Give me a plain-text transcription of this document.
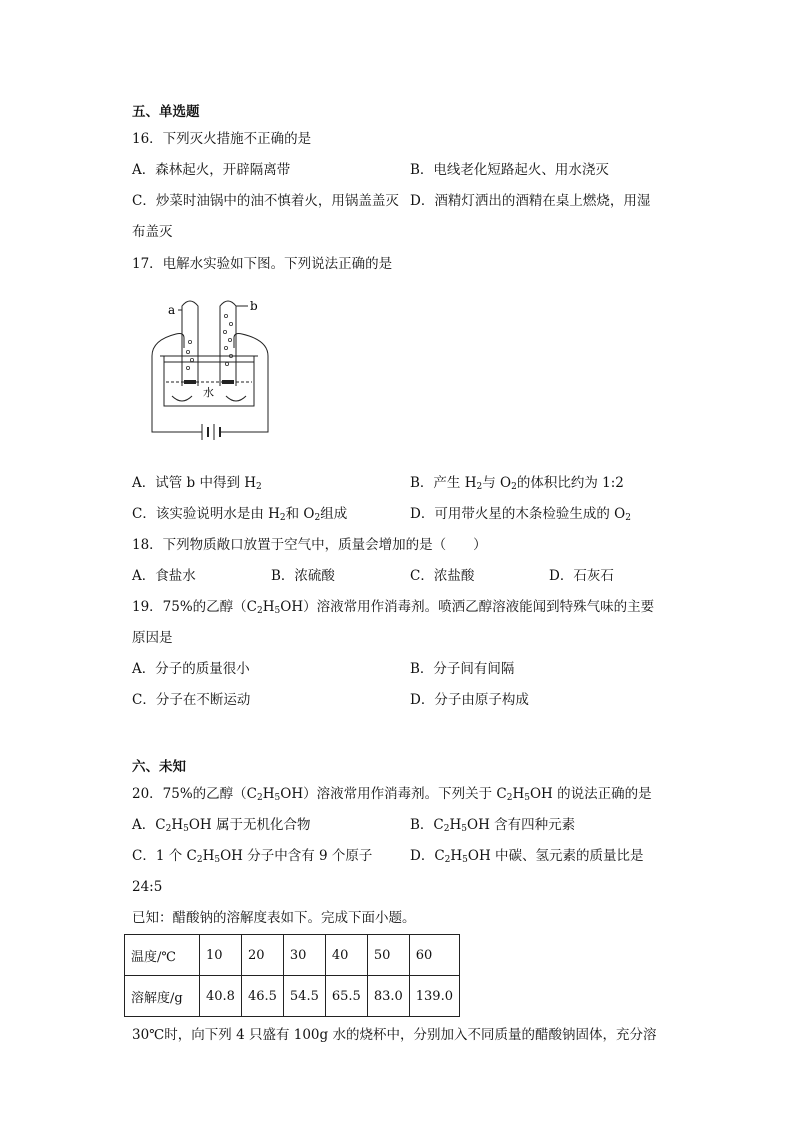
五、单选题
16．下列灭火措施不正确的是
A．森林起火，开辟隔离带	B．电线老化短路起火、用水浇灭
C．炒菜时油锅中的油不慎着火，用锅盖盖灭 D．酒精灯洒出的酒精在桌上燃烧，用湿
布盖灭
17．电解水实验如下图。下列说法正确的是
a	b
水
A．试管 b 中得到 $H_2$	B．产生 $H_2$与 $O_2$的体积比约为 1:2
C．该实验说明水是由 $H_2$和 $O_2$组成	D．可用带火星的木条检验生成的 $O_2$
18．下列物质敞口放置于空气中，质量会增加的是（　　）
A．食盐水	B．浓硫酸	C．浓盐酸	D．石灰石
19．75%的乙醇$(C_2H_5OH)$溶液常用作消毒剂。喷洒乙醇溶液能闻到特殊气味的主要
原因是
A．分子的质量很小	B．分子间有间隔
C．分子在不断运动	D．分子由原子构成
六、未知
20．75%的乙醇$(C_2H_5OH)$溶液常用作消毒剂。下列关于 $C_2H_5OH$ 的说法正确的是
A．$C_2H_5OH$ 属于无机化合物	B．$C_2H_5OH$ 含有四种元素
C．1 个 $C_2H_5OH$ 分子中含有 9 个原子	D．$C_2H_5OH$ 中碳、氢元素的质量比是
24:5
已知：醋酸钠的溶解度表如下。完成下面小题。
温度/℃	10	20	30	40	50	60
溶解度/g	40.8	46.5	54.5	65.5	83.0	139.0
30℃时，向下列 4 只盛有 100g 水的烧杯中，分别加入不同质量的醋酸钠固体，充分溶
